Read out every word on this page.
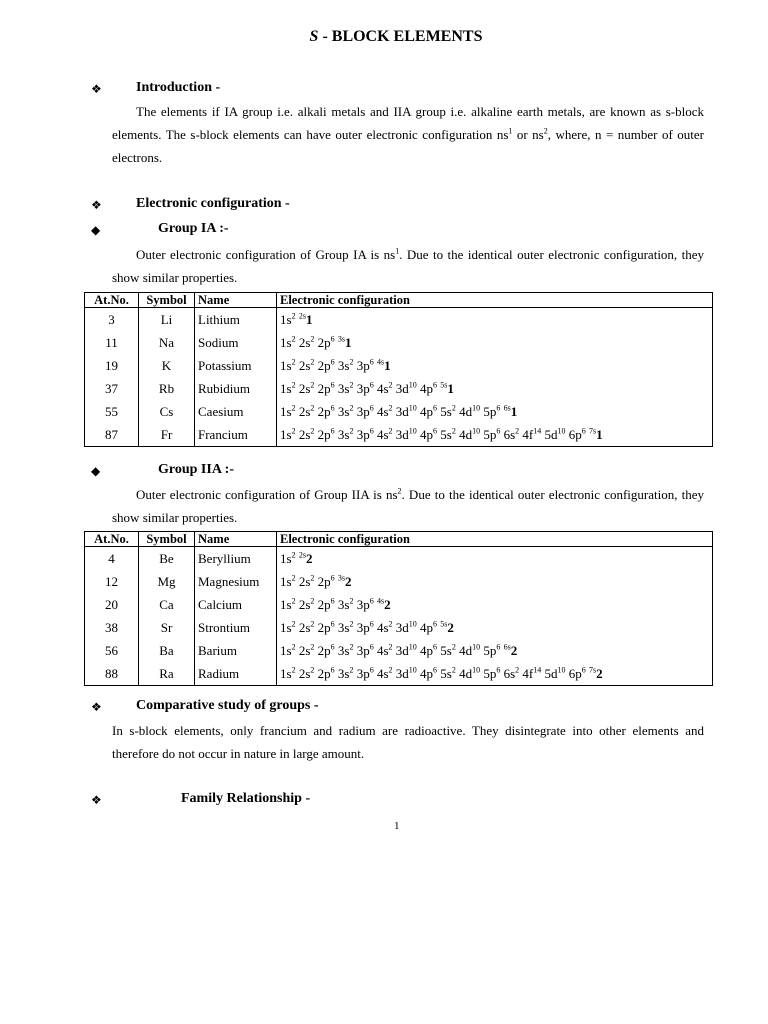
S - BLOCK ELEMENTS
❖ Introduction -

The elements if IA group i.e. alkali metals and IIA group i.e. alkaline earth metals, are known as s-block elements. The s-block elements can have outer electronic configuration $ns^1$ or $ns^2$, where, n = number of outer electrons.

❖ Electronic configuration -
◆	Group IA :-

Outer electronic configuration of Group IA is $ns^1$. Due to the identical outer electronic configuration, they show similar properties.

At.No.	Symbol	Name	Electronic configuration
3	Li	Lithium	$1s^2$ $^{2s}$1
11	Na	Sodium	$1s^2$ $2s^2$ $2p^6$ $^{3s}$1
19	K	Potassium	$1s^2$ $2s^2$ $2p^6$ $3s^2$ $3p^6$ $^{4s}$1
37	Rb	Rubidium	$1s^2$ $2s^2$ $2p^6$ $3s^2$ $3p^6$ $4s^2$ $3d^{10}$ $4p^6$ $^{5s}$1
55	Cs	Caesium	$1s^2$ $2s^2$ $2p^6$ $3s^2$ $3p^6$ $4s^2$ $3d^{10}$ $4p^6$ $5s^2$ $4d^{10}$ $5p^6$ $^{6s}$1
87	Fr	Francium	$1s^2$ $2s^2$ $2p^6$ $3s^2$ $3p^6$ $4s^2$ $3d^{10}$ $4p^6$ $5s^2$ $4d^{10}$ $5p^6$ $6s^2$ $4f^{14}$ $5d^{10}$ $6p^6$ $^{7s}$1
◆	Group IIA :-

Outer electronic configuration of Group IIA is $ns^2$. Due to the identical outer electronic configuration, they show similar properties.

At.No.	Symbol	Name	Electronic configuration
4	Be	Beryllium	$1s^2$ $^{2s}$2
12	Mg	Magnesium	$1s^2$ $2s^2$ $2p^6$ $^{3s}$2
20	Ca	Calcium	$1s^2$ $2s^2$ $2p^6$ $3s^2$ $3p^6$ $^{4s}$2
38	Sr	Strontium	$1s^2$ $2s^2$ $2p^6$ $3s^2$ $3p^6$ $4s^2$ $3d^{10}$ $4p^6$ $^{5s}$2
56	Ba	Barium	$1s^2$ $2s^2$ $2p^6$ $3s^2$ $3p^6$ $4s^2$ $3d^{10}$ $4p^6$ $5s^2$ $4d^{10}$ $5p^6$ $^{6s}$2
88	Ra	Radium	$1s^2$ $2s^2$ $2p^6$ $3s^2$ $3p^6$ $4s^2$ $3d^{10}$ $4p^6$ $5s^2$ $4d^{10}$ $5p^6$ $6s^2$ $4f^{14}$ $5d^{10}$ $6p^6$ $^{7s}$2
❖ Comparative study of groups -

In s-block elements, only francium and radium are radioactive. They disintegrate into other elements and therefore do not occur in nature in large amount.

❖	Family Relationship -
1
